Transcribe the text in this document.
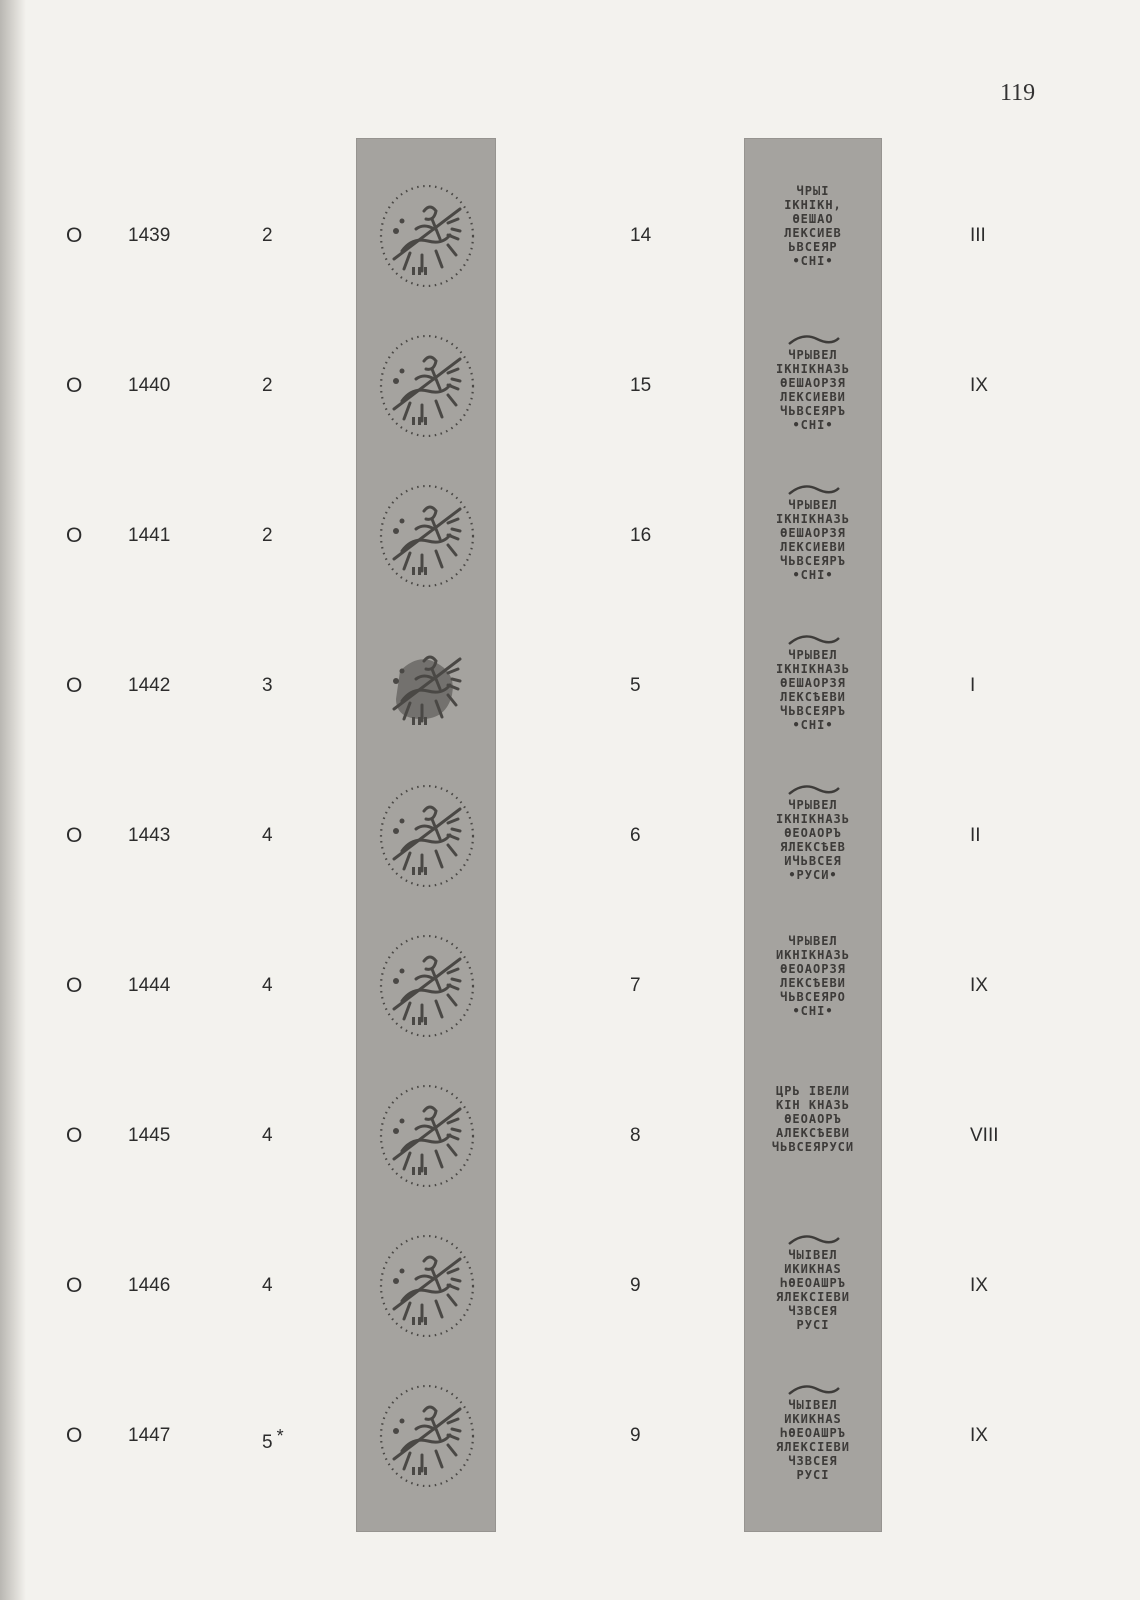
119
O	1439	2	14	III
ЧРЫІ
ІКНІКН,
ѲЕШАО
ЛЕКСИЕВ
ЬВСЕЯР
•СНІ•
O	1440	2	15	IX
ЧРЫВЕЛ
ІКНІКНАЗЬ
ѲЕШАОРЗЯ
ЛЕКСИЕВИ
ЧЬВСЕЯРЪ
•СНІ•
O	1441	2	16
ЧРЫВЕЛ
ІКНІКНАЗЬ
ѲЕШАОРЗЯ
ЛЕКСИЕВИ
ЧЬВСЕЯРЪ
•СНІ•
O	1442	3	5	I
ЧРЫВЕЛ
ІКНІКНАЗЬ
ѲЕШАОРЗЯ
ЛЕКСѢЕВИ
ЧЬВСЕЯРЪ
•СНІ•
O	1443	4	6	II
ЧРЫВЕЛ
ІКНІКНАЗЬ
ѲЕОАОРЪ
ЯЛЕКСѢЕВ
ИЧЬВСЕЯ
•РУСИ•
O	1444	4	7	IX
ЧРЫВЕЛ
ИКНІКНАЗЬ
ѲЕОАОРЗЯ
ЛЕКСѢЕВИ
ЧЬВСЕЯРО
•СНІ•
O	1445	4	8	VIII
ЦРЬ ІВЕЛИ
КІН КНАЗЬ
ѲЕОАОРЪ
АЛЕКСѢЕВИ
ЧЬВСЕЯРУСИ
O	1446	4	9	IX
ЧЫІВЕЛ
ИКИКНАЅ
ҺѲЕОАШРЪ
ЯЛЕКСІЕВИ
ЧЗВСЕЯ
РУСІ
O	1447	5 *	9	IX
ЧЫІВЕЛ
ИКИКНАЅ
ҺѲЕОАШРЪ
ЯЛЕКСІЕВИ
ЧЗВСЕЯ
РУСІ
